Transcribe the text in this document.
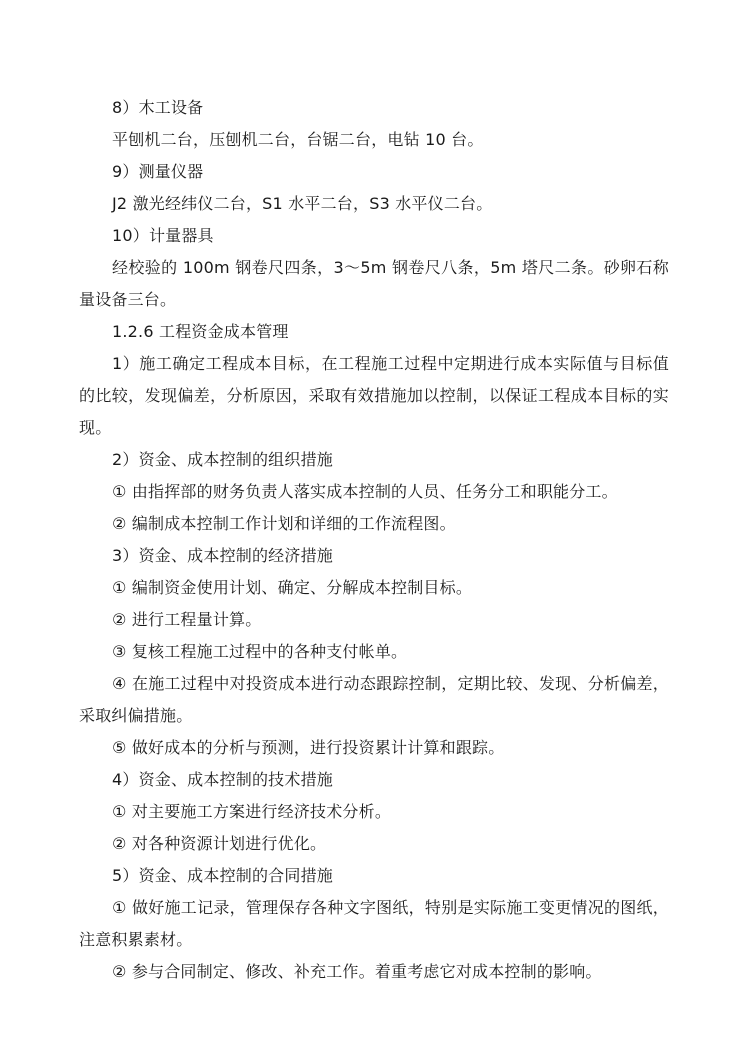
8）木工设备

平刨机二台，压刨机二台，台锯二台，电钻 10 台。

9）测量仪器

J2 激光经纬仪二台，S1 水平二台，S3 水平仪二台。

10）计量器具

经校验的 100m 钢卷尺四条，3～5m 钢卷尺八条，5m 塔尺二条。砂卵石称量设备三台。

1.2.6 工程资金成本管理

1）施工确定工程成本目标，在工程施工过程中定期进行成本实际值与目标值的比较，发现偏差，分析原因，采取有效措施加以控制，以保证工程成本目标的实现。

2）资金、成本控制的组织措施

① 由指挥部的财务负责人落实成本控制的人员、任务分工和职能分工。

② 编制成本控制工作计划和详细的工作流程图。

3）资金、成本控制的经济措施

① 编制资金使用计划、确定、分解成本控制目标。

② 进行工程量计算。

③ 复核工程施工过程中的各种支付帐单。

④ 在施工过程中对投资成本进行动态跟踪控制，定期比较、发现、分析偏差，采取纠偏措施。

⑤ 做好成本的分析与预测，进行投资累计计算和跟踪。

4）资金、成本控制的技术措施

① 对主要施工方案进行经济技术分析。

② 对各种资源计划进行优化。

5）资金、成本控制的合同措施

① 做好施工记录，管理保存各种文字图纸，特别是实际施工变更情况的图纸，注意积累素材。

② 参与合同制定、修改、补充工作。着重考虑它对成本控制的影响。
